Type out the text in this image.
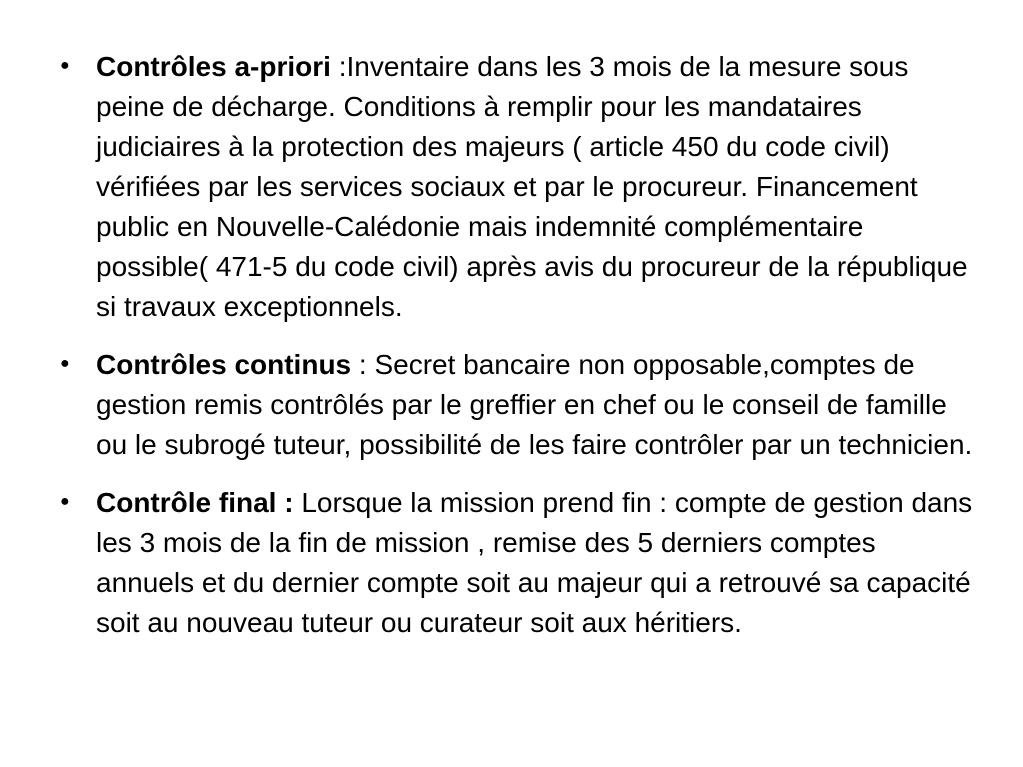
● Contrôles a-priori :Inventaire dans les 3 mois de la mesure sous peine de décharge. Conditions à remplir pour les mandataires judiciaires à la protection des majeurs ( article 450 du code civil) vérifiées par les services sociaux et par le procureur. Financement public en Nouvelle-Calédonie mais indemnité complémentaire possible( 471-5 du code civil) après avis du procureur de la république si travaux exceptionnels.
● Contrôles continus : Secret bancaire non opposable,comptes de gestion remis contrôlés par le greffier en chef ou le conseil de famille ou le subrogé tuteur, possibilité de les faire contrôler par un technicien.
● Contrôle final : Lorsque la mission prend fin : compte de gestion dans les 3 mois de la fin de mission , remise des 5 derniers comptes annuels et du dernier compte soit au majeur qui a retrouvé sa capacité soit au nouveau tuteur ou curateur soit aux héritiers.
